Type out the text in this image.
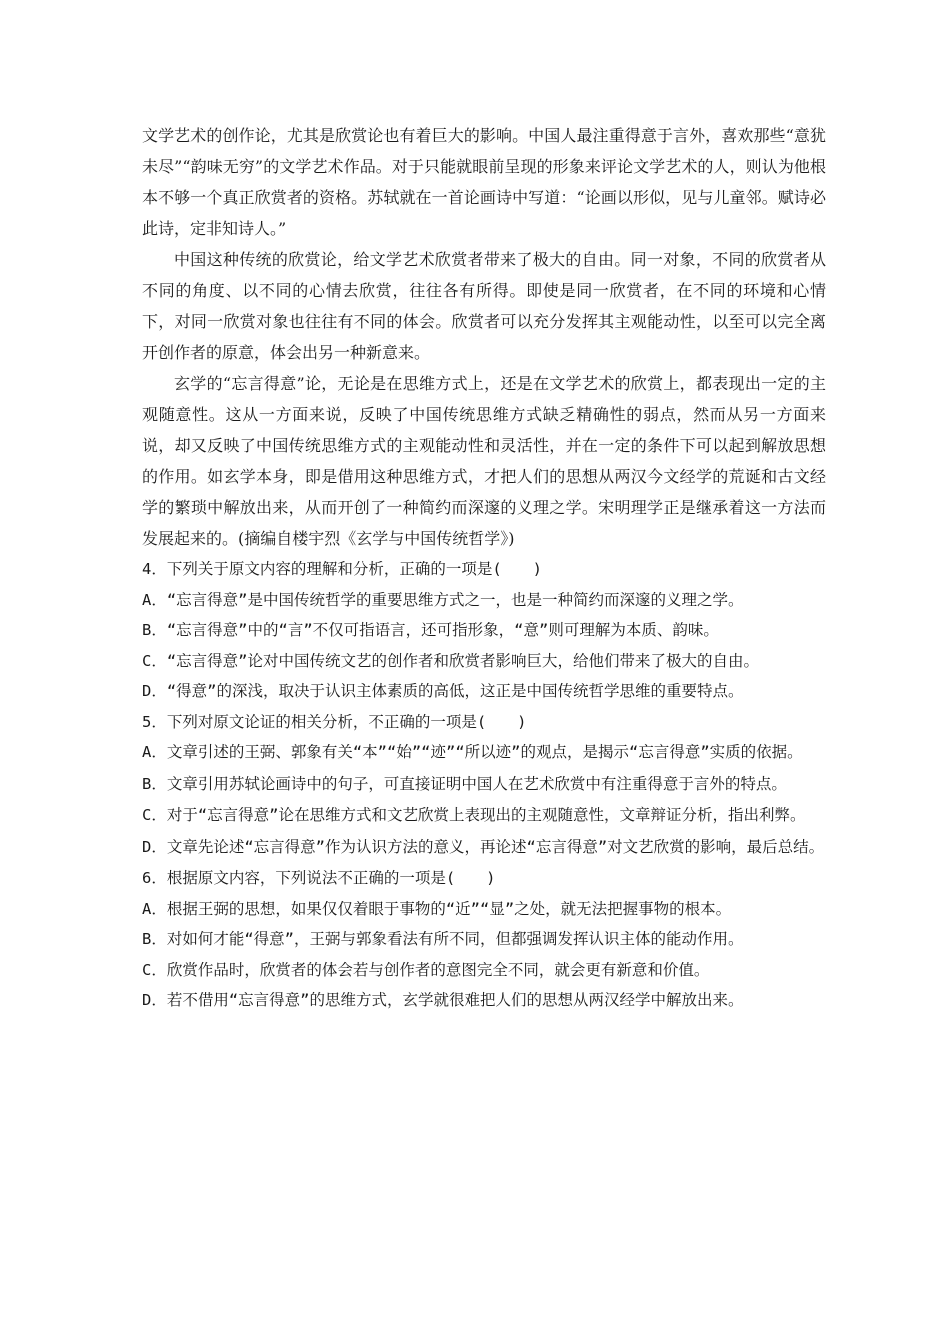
文学艺术的创作论，尤其是欣赏论也有着巨大的影响。中国人最注重得意于言外，喜欢那些“意犹未尽”“韵味无穷”的文学艺术作品。对于只能就眼前呈现的形象来评论文学艺术的人，则认为他根本不够一个真正欣赏者的资格。苏轼就在一首论画诗中写道：“论画以形似，见与儿童邻。赋诗必此诗，定非知诗人。”

中国这种传统的欣赏论，给文学艺术欣赏者带来了极大的自由。同一对象，不同的欣赏者从不同的角度、以不同的心情去欣赏，往往各有所得。即使是同一欣赏者，在不同的环境和心情下，对同一欣赏对象也往往有不同的体会。欣赏者可以充分发挥其主观能动性，以至可以完全离开创作者的原意，体会出另一种新意来。

玄学的“忘言得意”论，无论是在思维方式上，还是在文学艺术的欣赏上，都表现出一定的主观随意性。这从一方面来说，反映了中国传统思维方式缺乏精确性的弱点，然而从另一方面来说，却又反映了中国传统思维方式的主观能动性和灵活性，并在一定的条件下可以起到解放思想的作用。如玄学本身，即是借用这种思维方式，才把人们的思想从两汉今文经学的荒诞和古文经学的繁琐中解放出来，从而开创了一种简约而深邃的义理之学。宋明理学正是继承着这一方法而发展起来的。(摘编自楼宇烈《玄学与中国传统哲学》)

4．下列关于原文内容的理解和分析，正确的一项是(　　)

A．“忘言得意”是中国传统哲学的重要思维方式之一，也是一种简约而深邃的义理之学。

B．“忘言得意”中的“言”不仅可指语言，还可指形象，“意”则可理解为本质、韵味。

C．“忘言得意”论对中国传统文艺的创作者和欣赏者影响巨大，给他们带来了极大的自由。

D．“得意”的深浅，取决于认识主体素质的高低，这正是中国传统哲学思维的重要特点。

5．下列对原文论证的相关分析，不正确的一项是(　　)

A．文章引述的王弼、郭象有关“本”“始”“迹”“所以迹”的观点，是揭示“忘言得意”实质的依据。

B．文章引用苏轼论画诗中的句子，可直接证明中国人在艺术欣赏中有注重得意于言外的特点。

C．对于“忘言得意”论在思维方式和文艺欣赏上表现出的主观随意性，文章辩证分析，指出利弊。

D．文章先论述“忘言得意”作为认识方法的意义，再论述“忘言得意”对文艺欣赏的影响，最后总结。

6．根据原文内容，下列说法不正确的一项是(　　)

A．根据王弼的思想，如果仅仅着眼于事物的“近”“显”之处，就无法把握事物的根本。

B．对如何才能“得意”，王弼与郭象看法有所不同，但都强调发挥认识主体的能动作用。

C．欣赏作品时，欣赏者的体会若与创作者的意图完全不同，就会更有新意和价值。

D．若不借用“忘言得意”的思维方式，玄学就很难把人们的思想从两汉经学中解放出来。
